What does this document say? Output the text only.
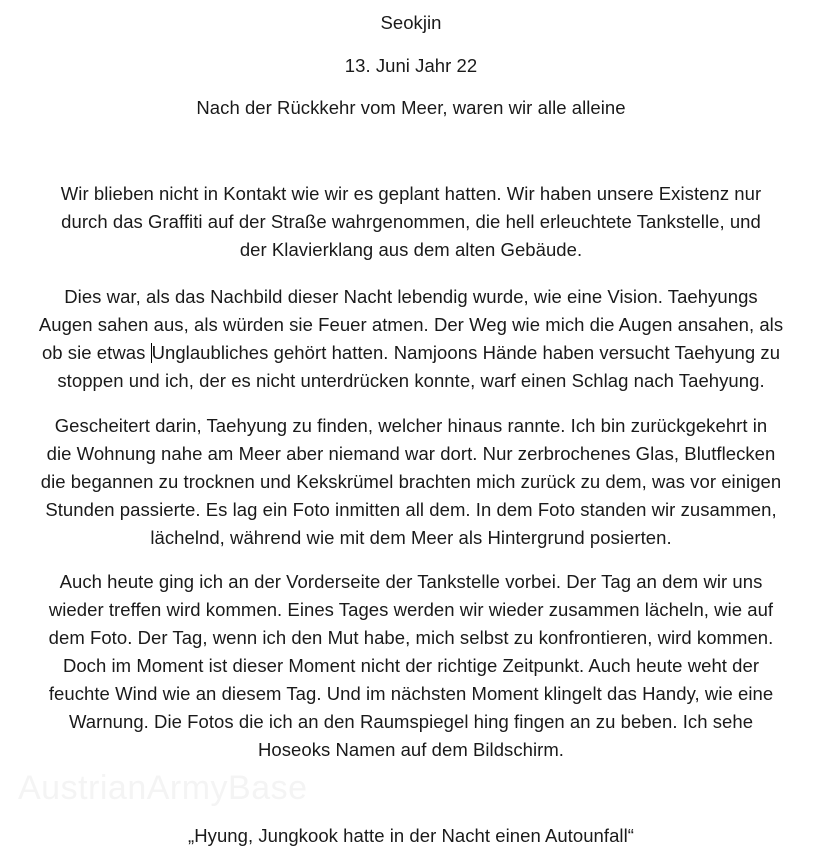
Seokjin
13. Juni Jahr 22
Nach der Rückkehr vom Meer, waren wir alle alleine
Wir blieben nicht in Kontakt wie wir es geplant hatten. Wir haben unsere Existenz nur
durch das Graffiti auf der Straße wahrgenommen, die hell erleuchtete Tankstelle, und
der Klavierklang aus dem alten Gebäude.
Dies war, als das Nachbild dieser Nacht lebendig wurde, wie eine Vision. Taehyungs
Augen sahen aus, als würden sie Feuer atmen. Der Weg wie mich die Augen ansahen, als
ob sie etwas Unglaubliches gehört hatten. Namjoons Hände haben versucht Taehyung zu
stoppen und ich, der es nicht unterdrücken konnte, warf einen Schlag nach Taehyung.
Gescheitert darin, Taehyung zu finden, welcher hinaus rannte. Ich bin zurückgekehrt in
die Wohnung nahe am Meer aber niemand war dort. Nur zerbrochenes Glas, Blutflecken
die begannen zu trocknen und Kekskrümel brachten mich zurück zu dem, was vor einigen
Stunden passierte. Es lag ein Foto inmitten all dem. In dem Foto standen wir zusammen,
lächelnd, während wie mit dem Meer als Hintergrund posierten.
Auch heute ging ich an der Vorderseite der Tankstelle vorbei. Der Tag an dem wir uns
wieder treffen wird kommen. Eines Tages werden wir wieder zusammen lächeln, wie auf
dem Foto. Der Tag, wenn ich den Mut habe, mich selbst zu konfrontieren, wird kommen.
Doch im Moment ist dieser Moment nicht der richtige Zeitpunkt. Auch heute weht der
feuchte Wind wie an diesem Tag. Und im nächsten Moment klingelt das Handy, wie eine
Warnung. Die Fotos die ich an den Raumspiegel hing fingen an zu beben. Ich sehe
Hoseoks Namen auf dem Bildschirm.
AustrianArmyBase
„Hyung, Jungkook hatte in der Nacht einen Autounfall“
